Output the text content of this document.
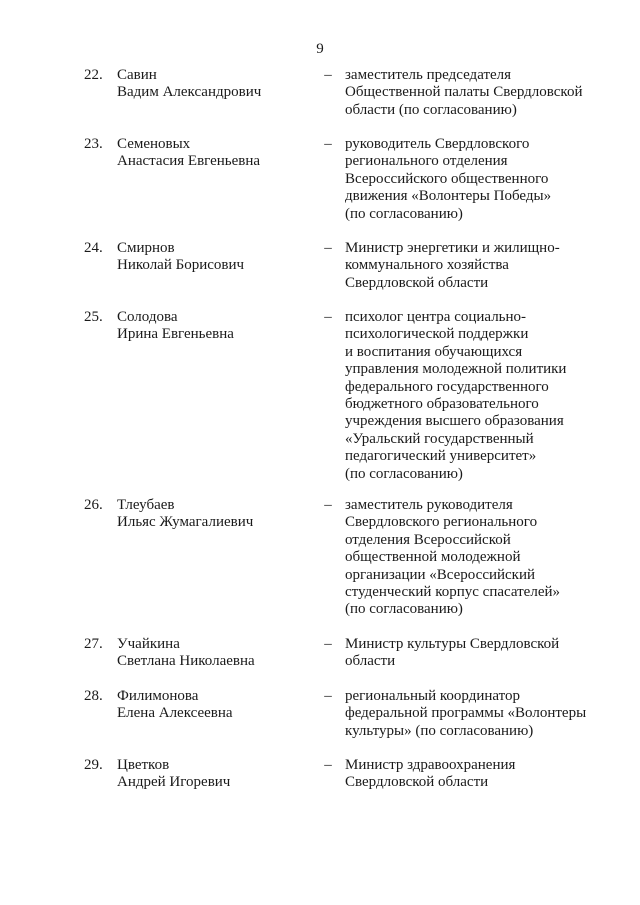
9
22. Савин
Вадим Александрович
– заместитель председателя
Общественной палаты Свердловской
области (по согласованию)
23. Семеновых
Анастасия Евгеньевна
– руководитель Свердловского
регионального отделения
Всероссийского общественного
движения «Волонтеры Победы»
(по согласованию)
24. Смирнов
Николай Борисович
– Министр энергетики и жилищно-
коммунального хозяйства
Свердловской области
25. Солодова
Ирина Евгеньевна
– психолог центра социально-
психологической поддержки
и воспитания обучающихся
управления молодежной политики
федерального государственного
бюджетного образовательного
учреждения высшего образования
«Уральский государственный
педагогический университет»
(по согласованию)
26. Тлеубаев
Ильяс Жумагалиевич
– заместитель руководителя
Свердловского регионального
отделения Всероссийской
общественной молодежной
организации «Всероссийский
студенческий корпус спасателей»
(по согласованию)
27. Учайкина
Светлана Николаевна
– Министр культуры Свердловской
области
28. Филимонова
Елена Алексеевна
– региональный координатор
федеральной программы «Волонтеры
культуры» (по согласованию)
29. Цветков
Андрей Игоревич
– Министр здравоохранения
Свердловской области
